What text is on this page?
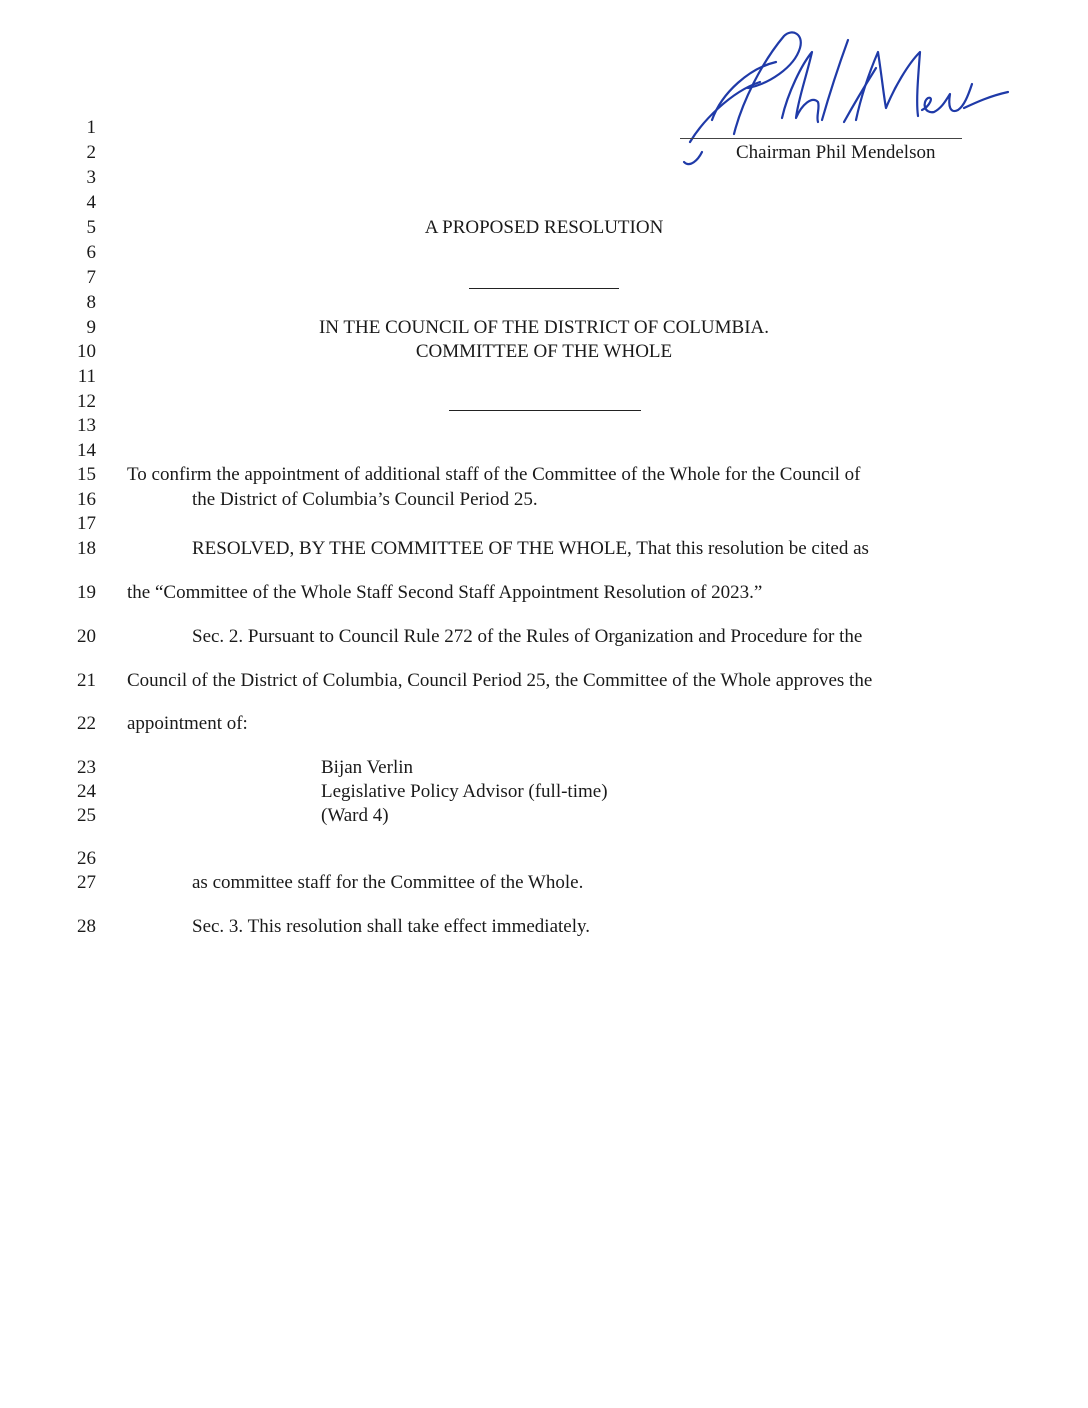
Chairman Phil Mendelson
1
2
3
4
5
6
7
8
9
10
11
12
13
14
15
16
17
18
19
20
21
22
23
24
25
26
27
28
A PROPOSED RESOLUTION
IN THE COUNCIL OF THE DISTRICT OF COLUMBIA.
COMMITTEE OF THE WHOLE
To confirm the appointment of additional staff of the Committee of the Whole for the Council of
the District of Columbia’s Council Period 25.
RESOLVED, BY THE COMMITTEE OF THE WHOLE, That this resolution be cited as
the “Committee of the Whole Staff Second Staff Appointment Resolution of 2023.”
Sec. 2. Pursuant to Council Rule 272 of the Rules of Organization and Procedure for the
Council of the District of Columbia, Council Period 25, the Committee of the Whole approves the
appointment of:
Bijan Verlin
Legislative Policy Advisor (full-time)
(Ward 4)
as committee staff for the Committee of the Whole.
Sec. 3. This resolution shall take effect immediately.
